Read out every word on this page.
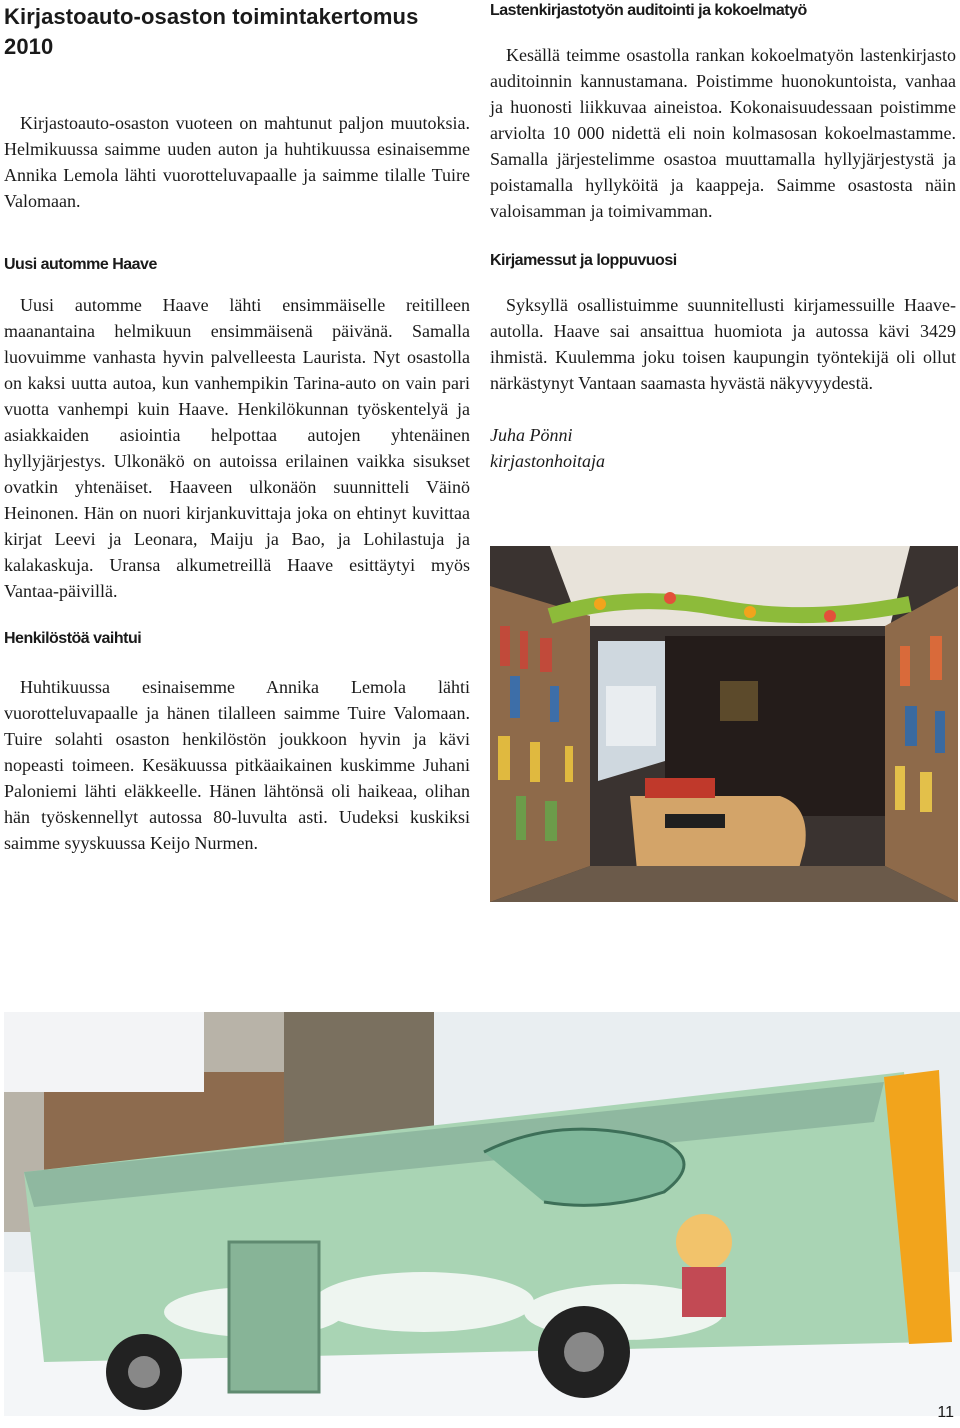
Kirjastoauto-osaston toimintakertomus 2010

Kirjastoauto-osaston vuoteen on mahtunut paljon muutoksia. Helmikuussa saimme uuden auton ja huhtikuussa esinaisemme Annika Lemola lähti vuorotteluvapaalle ja saimme tilalle Tuire Valomaan.

Uusi automme Haave

Uusi automme Haave lähti ensimmäiselle reitilleen maanantaina helmikuun ensimmäisenä päivänä. Samalla luovuimme vanhasta hyvin palvelleesta Laurista. Nyt osastolla on kaksi uutta autoa, kun vanhempikin Tarina-auto on vain pari vuotta vanhempi kuin Haave. Henkilökunnan työskentelyä ja asiakkaiden asiointia helpottaa autojen yhtenäinen hyllyjärjestys. Ulkonäkö on autoissa erilainen vaikka sisukset ovatkin yhtenäiset. Haaveen ulkonäön suunnitteli Väinö Heinonen. Hän on nuori kirjankuvittaja joka on ehtinyt kuvittaa kirjat Leevi ja Leonara, Maiju ja Bao, ja Lohilastuja ja kalakaskuja. Uransa alkumetreillä Haave esittäytyi myös Vantaa-päivillä.

Henkilöstöä vaihtui

Huhtikuussa esinaisemme Annika Lemola lähti vuorotteluvapaalle ja hänen tilalleen saimme Tuire Valomaan. Tuire solahti osaston henkilöstön joukkoon hyvin ja kävi nopeasti toimeen. Kesäkuussa pitkäaikainen kuskimme Juhani Paloniemi lähti eläkkeelle. Hänen lähtönsä oli haikeaa, olihan hän työskennellyt autossa 80-luvulta asti. Uudeksi kuskiksi saimme syyskuussa Keijo Nurmen.

Lastenkirjastotyön auditointi ja kokoelmatyö

Kesällä teimme osastolla rankan kokoelmatyön lastenkirjasto auditoinnin kannustamana. Poistimme huonokuntoista, vanhaa ja huonosti liikkuvaa aineistoa. Kokonaisuudessaan poistimme arviolta 10 000 nidettä eli noin kolmasosan kokoelmastamme. Samalla järjestelimme osastoa muuttamalla hyllyjärjestystä ja poistamalla hyllyköitä ja kaappeja. Saimme osastosta näin valoisamman ja toimivamman.

Kirjamessut ja loppuvuosi

Syksyllä osallistuimme suunnitellusti kirjamessuille Haave-autolla. Haave sai ansaittua huomiota ja autossa kävi 3429 ihmistä. Kuulemma joku toisen kaupungin työntekijä oli ollut närkästynyt Vantaan saamasta hyvästä näkyvyydestä.

Juha Pönni

kirjastonhoitaja

11
